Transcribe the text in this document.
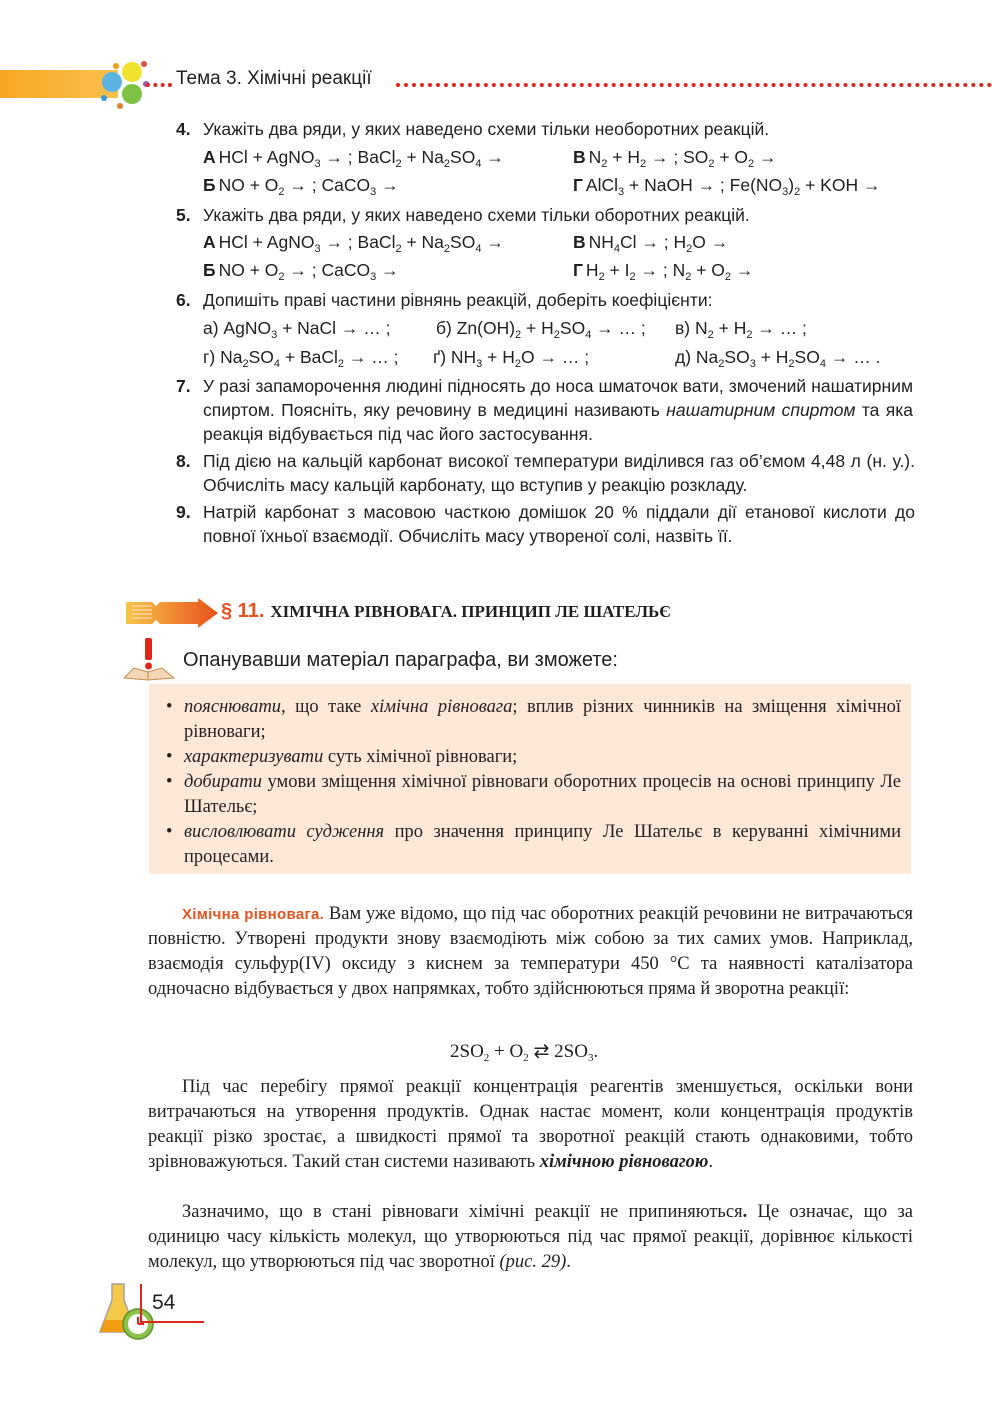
Тема 3. Хімічні реакції
4. Укажіть два ряди, у яких наведено схеми тільки необоротних реакцій.
А HCl + AgNO$_3$ → ; BaCl$_2$ + $Na_2SO_4$ →	В $N_2 + H_2$ → ; $SO_2 + O_2$ →
Б NO + $O_2$ → ; CaCO$_3$ →	Г AlCl$_3$ + NaOH → ; $Fe(NO_3)_2$ + KOH →
5. Укажіть два ряди, у яких наведено схеми тільки оборотних реакцій.
А HCl + AgNO$_3$ → ; BaCl$_2$ + $Na_2SO_4$ →	В $NH_4Cl$ → ; $H_2O$ →
Б NO + $O_2$ → ; CaCO$_3$ →	Г $H_2 + I_2$ → ; $N_2 + O_2$ →
6. Допишіть праві частини рівнянь реакцій, доберіть коефіцієнти:
а) AgNO$_3$ + NaCl → … ;	б) $Zn(OH)_2 + H_2SO_4$ → … ; в) $N_2 + H_2$ → … ;
г) $Na_2SO_4$ + BaCl$_2$ → … ; ґ) $NH_3 + H_2O$ → … ;	д) $Na_2SO_3 + H_2SO_4$ → … .
7. У разі запаморочення людині підносять до носа шматочок вати, змочений нашатирним спиртом. Поясніть, яку речовину в медицині називають нашатирним спиртом та яка реакція відбувається під час його застосування.
8. Під дією на кальцій карбонат високої температури виділився газ об’ємом 4,48 л (н. у.). Обчисліть масу кальцій карбонату, що вступив у реакцію розкладу.
9. Натрій карбонат з масовою часткою домішок 20 % піддали дії етанової кислоти до повної їхньої взаємодії. Обчисліть масу утвореної солі, назвіть її.
§ 11. ХІМІЧНА РІВНОВАГА. ПРИНЦИП ЛЕ ШАТЕЛЬЄ
Опанувавши матеріал параграфа, ви зможете:
• пояснювати, що таке хімічна рівновага; вплив різних чинників на зміщення хімічної рівноваги;
• характеризувати суть хімічної рівноваги;
• добирати умови зміщення хімічної рівноваги оборотних процесів на основі принципу Ле Шательє;
• висловлювати судження про значення принципу Ле Шательє в керуванні хімічними процесами.
Хімічна рівновага. Вам уже відомо, що під час оборотних реакцій речовини не витрачаються повністю. Утворені продукти знову взаємодіють між собою за тих самих умов. Наприклад, взаємодія сульфур(IV) оксиду з киснем за температури 450 °С та наявності каталізатора одночасно відбувається у двох напрямках, тобто здійснюються пряма й зворотна реакції:
$2SO_2 + O_2$ ⇄ $2SO_3$.
Під час перебігу прямої реакції концентрація реагентів зменшується, оскільки вони витрачаються на утворення продуктів. Однак настає момент, коли концентрація продуктів реакції різко зростає, а швидкості прямої та зворотної реакцій стають однаковими, тобто зрівноважуються. Такий стан системи називають хімічною рівновагою.
Зазначимо, що в стані рівноваги хімічні реакції не припиняються. Це означає, що за одиницю часу кількість молекул, що утворюються під час прямої реакції, дорівнює кількості молекул, що утворюються під час зворотної (рис. 29).
54
